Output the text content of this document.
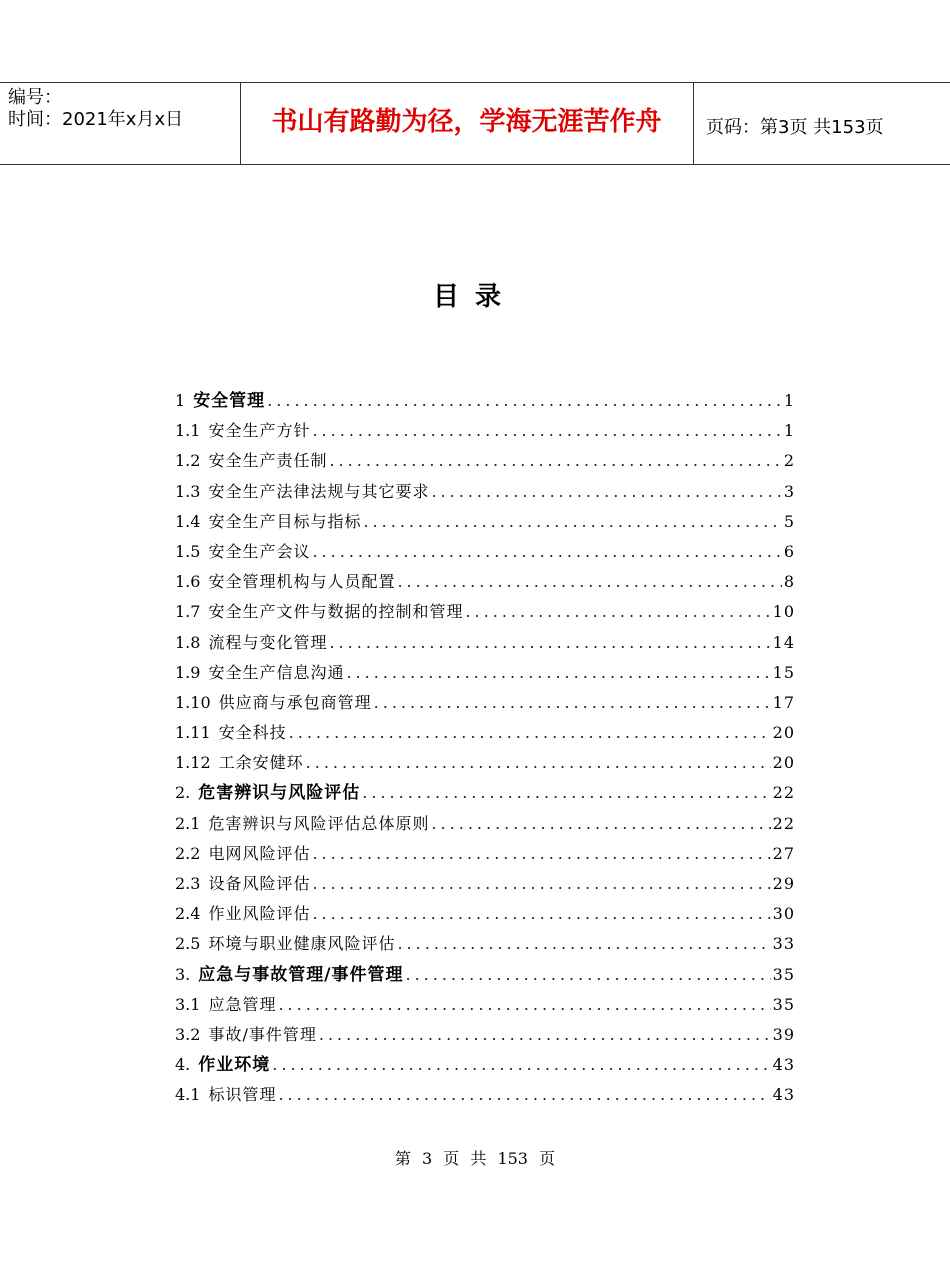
编号：
时间：2021年x月x日	书山有路勤为径，学海无涯苦作舟	页码：第3页 共153页
目录
1 安全管理 .....	1
1.1 安全生产方针 .....	1
1.2 安全生产责任制 .....	2
1.3 安全生产法律法规与其它要求 .....	3
1.4 安全生产目标与指标 .....	5
1.5 安全生产会议 .....	6
1.6 安全管理机构与人员配置 .....	8
1.7 安全生产文件与数据的控制和管理 .....	10
1.8 流程与变化管理 .....	14
1.9 安全生产信息沟通 .....	15
1.10 供应商与承包商管理 .....	17
1.11 安全科技 .....	20
1.12 工余安健环 .....	20
2. 危害辨识与风险评估 .....	22
2.1 危害辨识与风险评估总体原则 .....	22
2.2 电网风险评估 .....	27
2.3 设备风险评估 .....	29
2.4 作业风险评估 .....	30
2.5 环境与职业健康风险评估 .....	33
3. 应急与事故管理/事件管理 .....	35
3.1 应急管理 .....	35
3.2 事故/事件管理 .....	39
4. 作业环境 .....	43
4.1 标识管理 .....	43
第 3 页 共 153 页
